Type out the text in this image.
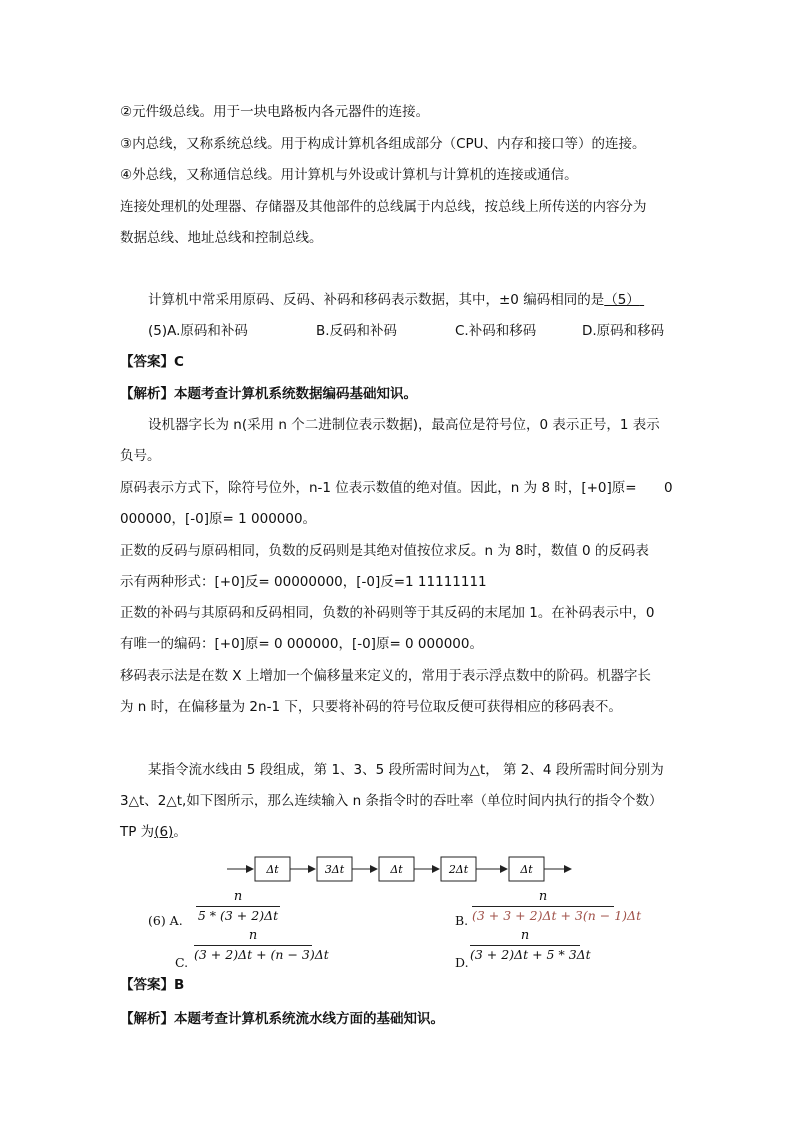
②元件级总线。用于一块电路板内各元器件的连接。
③内总线，又称系统总线。用于构成计算机各组成部分（CPU、内存和接口等）的连接。
④外总线，又称通信总线。用计算机与外设或计算机与计算机的连接或通信。
连接处理机的处理器、存储器及其他部件的总线属于内总线，按总线上所传送的内容分为
数据总线、地址总线和控制总线。
计算机中常采用原码、反码、补码和移码表示数据，其中，±0 编码相同的是（5）
(5)A.原码和补码	B.反码和补码	C.补码和移码	D.原码和移码
【答案】C
【解析】本题考查计算机系统数据编码基础知识。
设机器字长为 n(采用 n 个二进制位表示数据)，最高位是符号位，0 表示正号，1 表示
负号。
原码表示方式下，除符号位外，n-1 位表示数值的绝对值。因此，n 为 8 时，[+0]原= 0
000000，[-0]原= 1 000000。
正数的反码与原码相同，负数的反码则是其绝对值按位求反。n 为 8时，数值 0 的反码表
示有两种形式：[+0]反= 00000000，[-0]反=1 11111111
正数的补码与其原码和反码相同，负数的补码则等于其反码的末尾加 1。在补码表示中，0
有唯一的编码：[+0]原= 0 000000，[-0]原= 0 000000。
移码表示法是在数 X 上增加一个偏移量来定义的，常用于表示浮点数中的阶码。机器字长
为 n 时，在偏移量为 2n-1 下，只要将补码的符号位取反便可获得相应的移码表不。
某指令流水线由 5 段组成，第 1、3、5 段所需时间为△t， 第 2、4 段所需时间分别为
3△t、2△t,如下图所示，那么连续输入 n 条指令时的吞吐率（单位时间内执行的指令个数）
TP 为(6)。
Δt	3Δt	Δt	2Δt	Δt
(6) A.
n
5 * (3 + 2)Δt	B.
n
(3 + 3 + 2)Δt + 3(n − 1)Δt
C.
n
(3 + 2)Δt + (n − 3)Δt
D.
n
(3 + 2)Δt + 5 * 3Δt
【答案】B
【解析】本题考查计算机系统流水线方面的基础知识。
